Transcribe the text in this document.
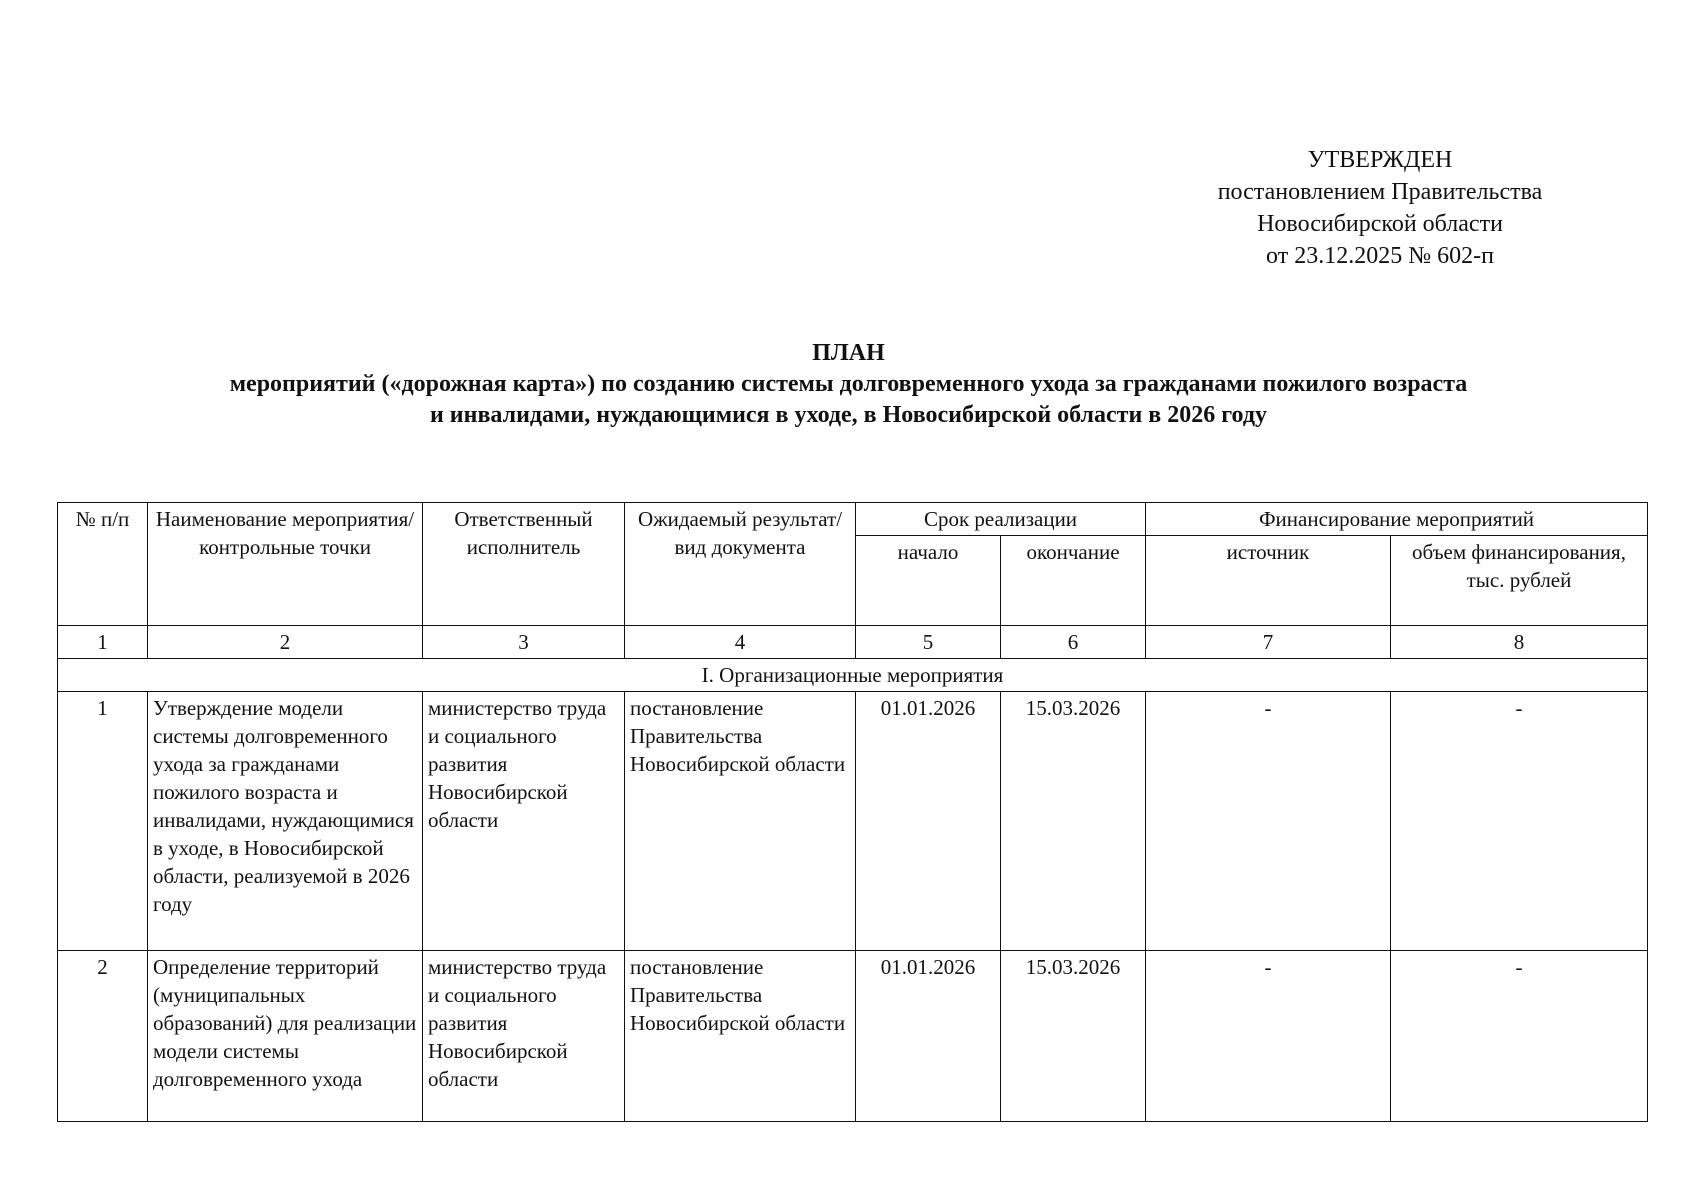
УТВЕРЖДЕН
постановлением Правительства
Новосибирской области
от 23.12.2025 № 602-п
ПЛАН
мероприятий («дорожная карта») по созданию системы долговременного ухода за гражданами пожилого возраста
и инвалидами, нуждающимися в уходе, в Новосибирской области в 2026 году
№ п/п	Наименование мероприятия/ контрольные точки	Ответственный исполнитель	Ожидаемый результат/ вид документа	Срок реализации		Финансирование мероприятий	
				начало	окончание	источник	объем финансирования, тыс. рублей
1	2	3	4	5	6	7	8
I. Организационные мероприятия							
1	Утверждение модели системы долговременного ухода за гражданами пожилого возраста и инвалидами, нуждающимися в уходе, в Новосибирской области, реализуемой в 2026 году	министерство труда и социального развития Новосибирской области	постановление Правительства Новосибирской области	01.01.2026	15.03.2026	-	-
2	Определение территорий (муниципальных образований) для реализации модели системы долговременного ухода	министерство труда и социального развития Новосибирской области	постановление Правительства Новосибирской области	01.01.2026	15.03.2026	-	-
